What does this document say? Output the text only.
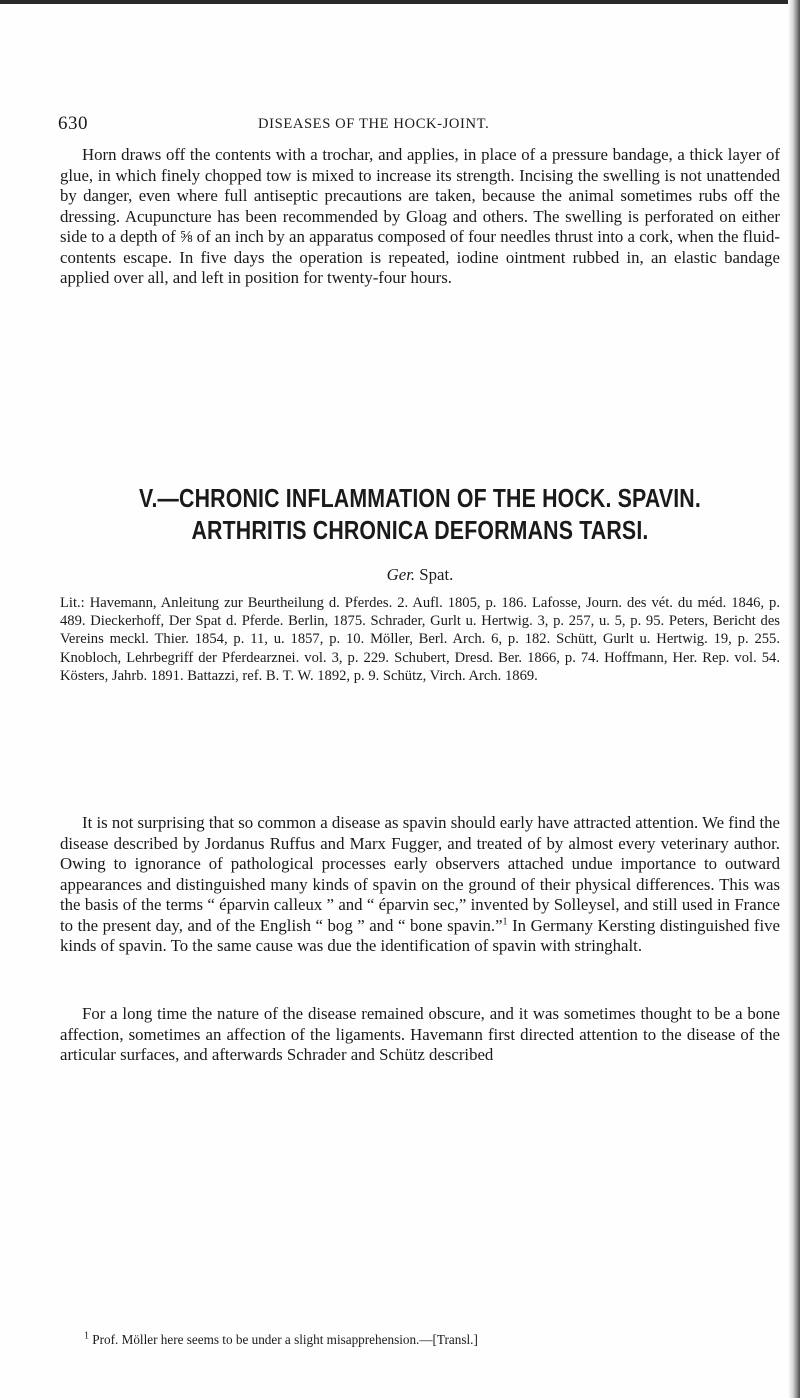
630	DISEASES OF THE HOCK-JOINT.

Horn draws off the contents with a trochar, and applies, in place of a pressure bandage, a thick layer of glue, in which finely chopped tow is mixed to increase its strength. Incising the swelling is not unattended by danger, even where full antiseptic precautions are taken, because the animal sometimes rubs off the dressing. Acupuncture has been recommended by Gloag and others. The swelling is perforated on either side to a depth of ⅝ of an inch by an apparatus composed of four needles thrust into a cork, when the fluid-contents escape. In five days the operation is repeated, iodine ointment rubbed in, an elastic bandage applied over all, and left in position for twenty-four hours.

V.—CHRONIC INFLAMMATION OF THE HOCK. SPAVIN.
ARTHRITIS CHRONICA DEFORMANS TARSI.
Ger. Spat.

Lit.: Havemann, Anleitung zur Beurtheilung d. Pferdes. 2. Aufl. 1805, p. 186. Lafosse, Journ. des vét. du méd. 1846, p. 489. Dieckerhoff, Der Spat d. Pferde. Berlin, 1875. Schrader, Gurlt u. Hertwig. 3, p. 257, u. 5, p. 95. Peters, Bericht des Vereins meckl. Thier. 1854, p. 11, u. 1857, p. 10. Möller, Berl. Arch. 6, p. 182. Schütt, Gurlt u. Hertwig. 19, p. 255. Knobloch, Lehrbegriff der Pferdearznei. vol. 3, p. 229. Schubert, Dresd. Ber. 1866, p. 74. Hoffmann, Her. Rep. vol. 54. Kösters, Jahrb. 1891. Battazzi, ref. B. T. W. 1892, p. 9. Schütz, Virch. Arch. 1869.

It is not surprising that so common a disease as spavin should early have attracted attention. We find the disease described by Jordanus Ruffus and Marx Fugger, and treated of by almost every veterinary author. Owing to ignorance of pathological processes early observers attached undue importance to outward appearances and distinguished many kinds of spavin on the ground of their physical differences. This was the basis of the terms “ éparvin calleux ” and “ éparvin sec,” invented by Solleysel, and still used in France to the present day, and of the English “ bog ” and “ bone spavin.”$^1$ In Germany Kersting distinguished five kinds of spavin. To the same cause was due the identification of spavin with stringhalt.

For a long time the nature of the disease remained obscure, and it was sometimes thought to be a bone affection, sometimes an affection of the ligaments. Havemann first directed attention to the disease of the articular surfaces, and afterwards Schrader and Schütz described

$^1$ Prof. Möller here seems to be under a slight misapprehension.—[Transl.]
